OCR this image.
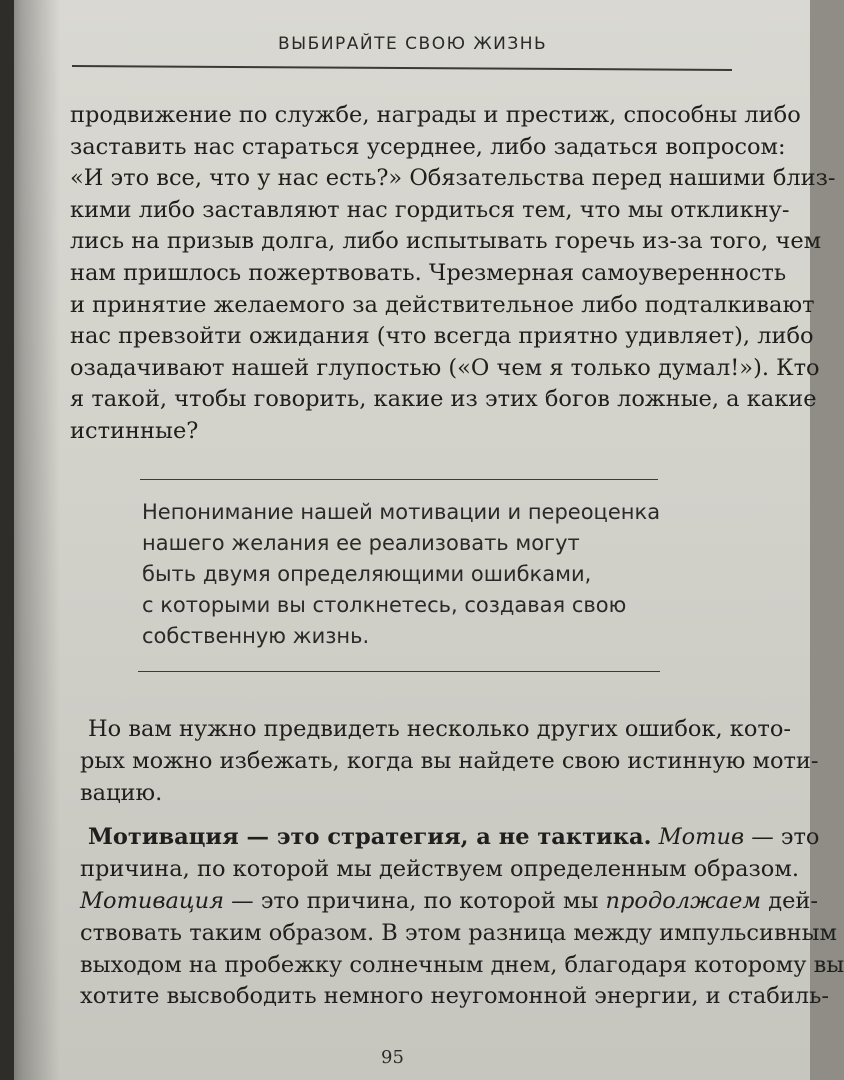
ВЫБИРАЙТЕ СВОЮ ЖИЗНЬ
продвижение по службе, награды и престиж, способны либо
заставить нас стараться усерднее, либо задаться вопросом:
«И это все, что у нас есть?» Обязательства перед нашими близ-
кими либо заставляют нас гордиться тем, что мы откликну-
лись на призыв долга, либо испытывать горечь из-за того, чем
нам пришлось пожертвовать. Чрезмерная самоуверенность
и принятие желаемого за действительное либо подталкивают
нас превзойти ожидания (что всегда приятно удивляет), либо
озадачивают нашей глупостью («О чем я только думал!»). Кто
я такой, чтобы говорить, какие из этих богов ложные, а какие
истинные?
Непонимание нашей мотивации и переоценка
нашего желания ее реализовать могут
быть двумя определяющими ошибками,
с которыми вы столкнетесь, создавая свою
собственную жизнь.
Но вам нужно предвидеть несколько других ошибок, кото-
рых можно избежать, когда вы найдете свою истинную моти-
вацию.
Мотивация — это стратегия, а не тактика. Мотив — это
причина, по которой мы действуем определенным образом.
Мотивация — это причина, по которой мы продолжаем дей-
ствовать таким образом. В этом разница между импульсивным
выходом на пробежку солнечным днем, благодаря которому вы
хотите высвободить немного неугомонной энергии, и стабиль-
95
